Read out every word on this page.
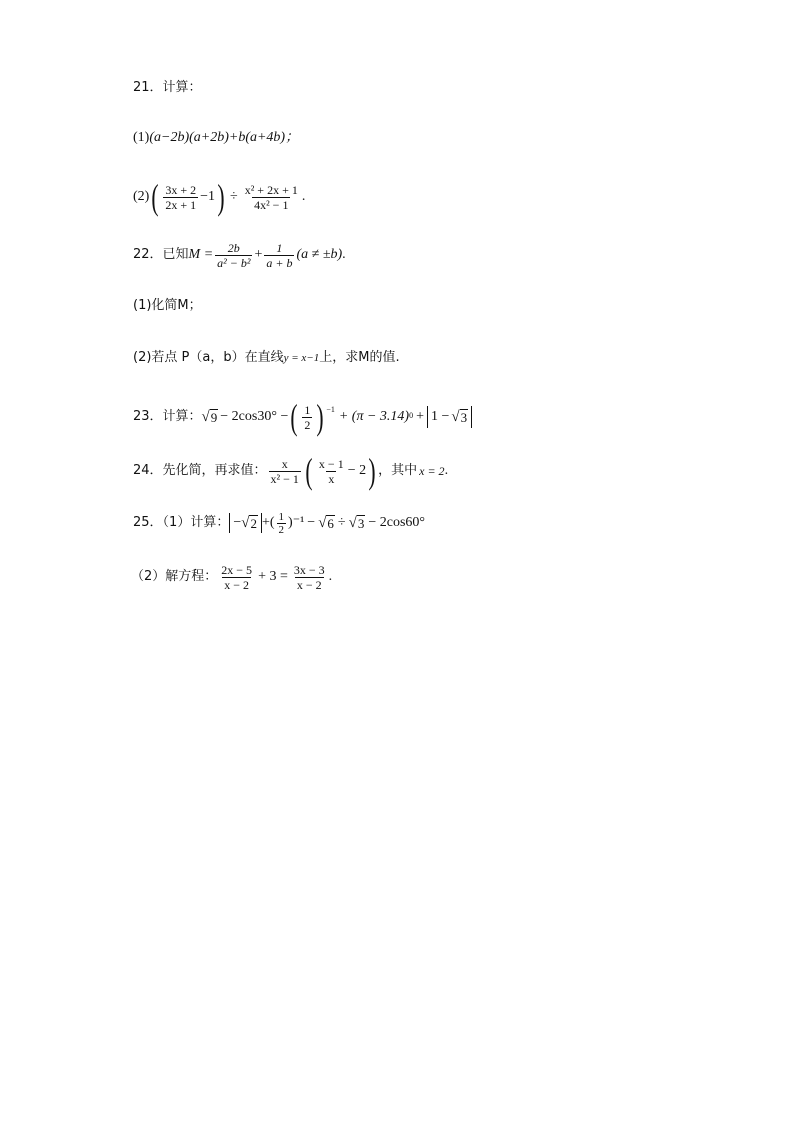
21．计算：
(1) (a−2b)(a+2b)+b(a+4b)；
(2) ( $\frac{3x + 2}{2x + 1} -1$ ) ÷ $\frac{\text{x² + 2x + 1}}{\text{4x² − 1}}$ .
22．已知 $M = \frac{2b}{\text{a² − b²}} + \frac{1}{a + b} (a \ne \pm b)$ .
(1)化简M；
(2)若点 P（a，b）在直线 y = x−1 上，求M的值.
23．计算： √ 9 − 2cos30° − ( $\frac{1}{2}$ ) −1 + (π − 3.14) 0 + 1 − √ 3
24．先化简，再求值： $\frac{x}{\text{x² − 1}}$ ( $\frac{x - 1}{x} - 2$ ) ，其中 x = 2 .
25．（1）计算： − √ 2 +( $\frac{1}{2} )^{-1}$ − √ 6 ÷ √ 3 − 2cos60°
（2）解方程： $\frac{2x - 5}{x - 2} + 3 = \frac{3x - 3}{x - 2}$ .
